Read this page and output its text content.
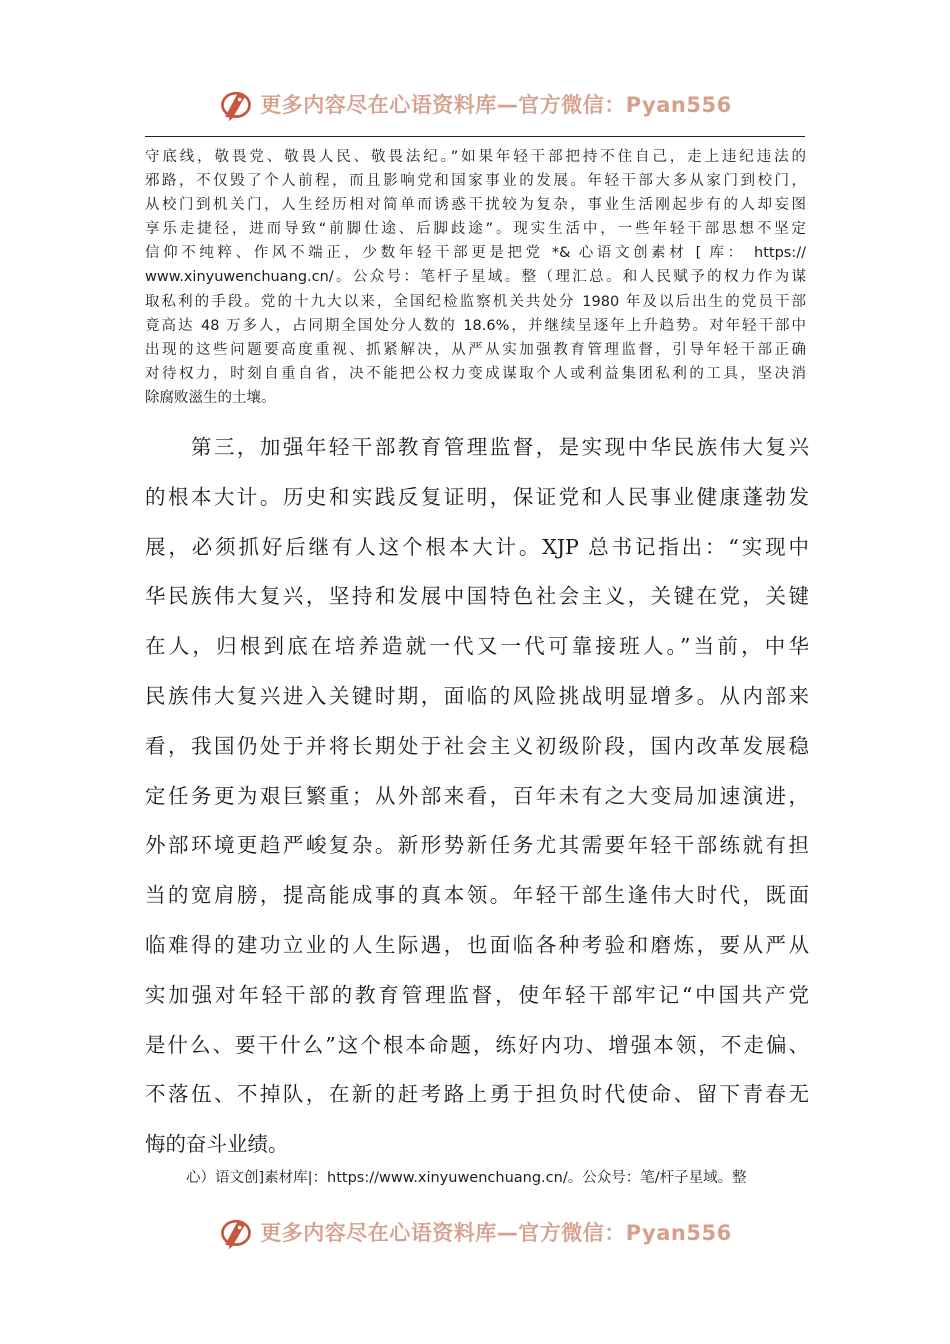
更多内容尽在心语资料库—官方微信：Pyan556

守底线，敬畏党、敬畏人民、敬畏法纪。”如果年轻干部把持不住自己，走上违纪违法的

邪路，不仅毁了个人前程，而且影响党和国家事业的发展。年轻干部大多从家门到校门，

从校门到机关门，人生经历相对简单而诱惑干扰较为复杂，事业生活刚起步有的人却妄图

享乐走捷径，进而导致“前脚仕途、后脚歧途”。现实生活中，一些年轻干部思想不坚定

信仰不纯粹、作风不端正，少数年轻干部更是把党 *& 心语文创素材 [ 库： https://

www.xinyuwenchuang.cn/。公众号：笔杆子星域。整（理汇总。和人民赋予的权力作为谋

取私利的手段。党的十九大以来，全国纪检监察机关共处分 1980 年及以后出生的党员干部

竟高达 48 万多人，占同期全国处分人数的 18.6%，并继续呈逐年上升趋势。对年轻干部中

出现的这些问题要高度重视、抓紧解决，从严从实加强教育管理监督，引导年轻干部正确

对待权力，时刻自重自省，决不能把公权力变成谋取个人或利益集团私利的工具，坚决消

除腐败滋生的土壤。

　　第三，加强年轻干部教育管理监督，是实现中华民族伟大复兴

的根本大计。历史和实践反复证明，保证党和人民事业健康蓬勃发

展，必须抓好后继有人这个根本大计。XJP 总书记指出：“实现中

华民族伟大复兴，坚持和发展中国特色社会主义，关键在党，关键

在人，归根到底在培养造就一代又一代可靠接班人。”当前，中华

民族伟大复兴进入关键时期，面临的风险挑战明显增多。从内部来

看，我国仍处于并将长期处于社会主义初级阶段，国内改革发展稳

定任务更为艰巨繁重；从外部来看，百年未有之大变局加速演进，

外部环境更趋严峻复杂。新形势新任务尤其需要年轻干部练就有担

当的宽肩膀，提高能成事的真本领。年轻干部生逢伟大时代，既面

临难得的建功立业的人生际遇，也面临各种考验和磨炼，要从严从

实加强对年轻干部的教育管理监督，使年轻干部牢记“中国共产党

是什么、要干什么”这个根本命题，练好内功、增强本领，不走偏、

不落伍、不掉队，在新的赶考路上勇于担负时代使命、留下青春无

悔的奋斗业绩。

心）语文创]素材库|：https://www.xinyuwenchuang.cn/。公众号：笔/杆子星域。整
更多内容尽在心语资料库—官方微信：Pyan556
